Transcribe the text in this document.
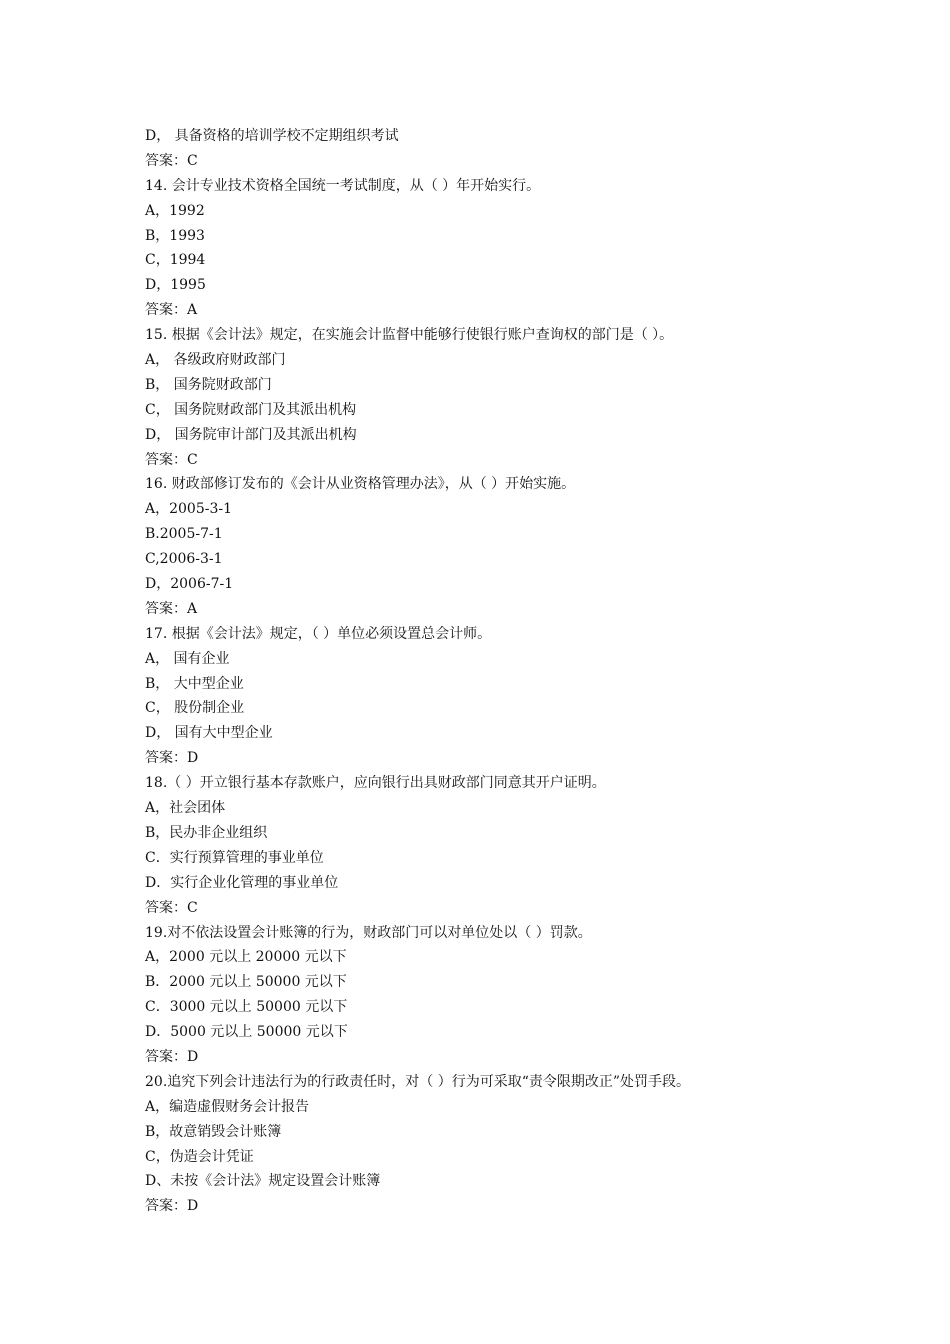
D， 具备资格的培训学校不定期组织考试
答案：C
14. 会计专业技术资格全国统一考试制度，从（ ）年开始实行。
A，1992
B，1993
C，1994
D，1995
答案：A
15. 根据《会计法》规定，在实施会计监督中能够行使银行账户查询权的部门是（ ）。
A， 各级政府财政部门
B， 国务院财政部门
C， 国务院财政部门及其派出机构
D， 国务院审计部门及其派出机构
答案：C
16. 财政部修订发布的《会计从业资格管理办法》，从（ ）开始实施。
A，2005-3-1
B.2005-7-1
C,2006-3-1
D，2006-7-1
答案：A
17. 根据《会计法》规定，（ ）单位必须设置总会计师。
A， 国有企业
B， 大中型企业
C， 股份制企业
D， 国有大中型企业
答案：D
18.（ ）开立银行基本存款账户，应向银行出具财政部门同意其开户证明。
A，社会团体
B，民办非企业组织
C．实行预算管理的事业单位
D．实行企业化管理的事业单位
答案：C
19.对不依法设置会计账簿的行为，财政部门可以对单位处以（ ）罚款。
A，2000 元以上 20000 元以下
B．2000 元以上 50000 元以下
C．3000 元以上 50000 元以下
D．5000 元以上 50000 元以下
答案：D
20.追究下列会计违法行为的行政责任时，对（ ）行为可采取“责令限期改正”处罚手段。
A，编造虚假财务会计报告
B，故意销毁会计账簿
C，伪造会计凭证
D、未按《会计法》规定设置会计账簿
答案：D
